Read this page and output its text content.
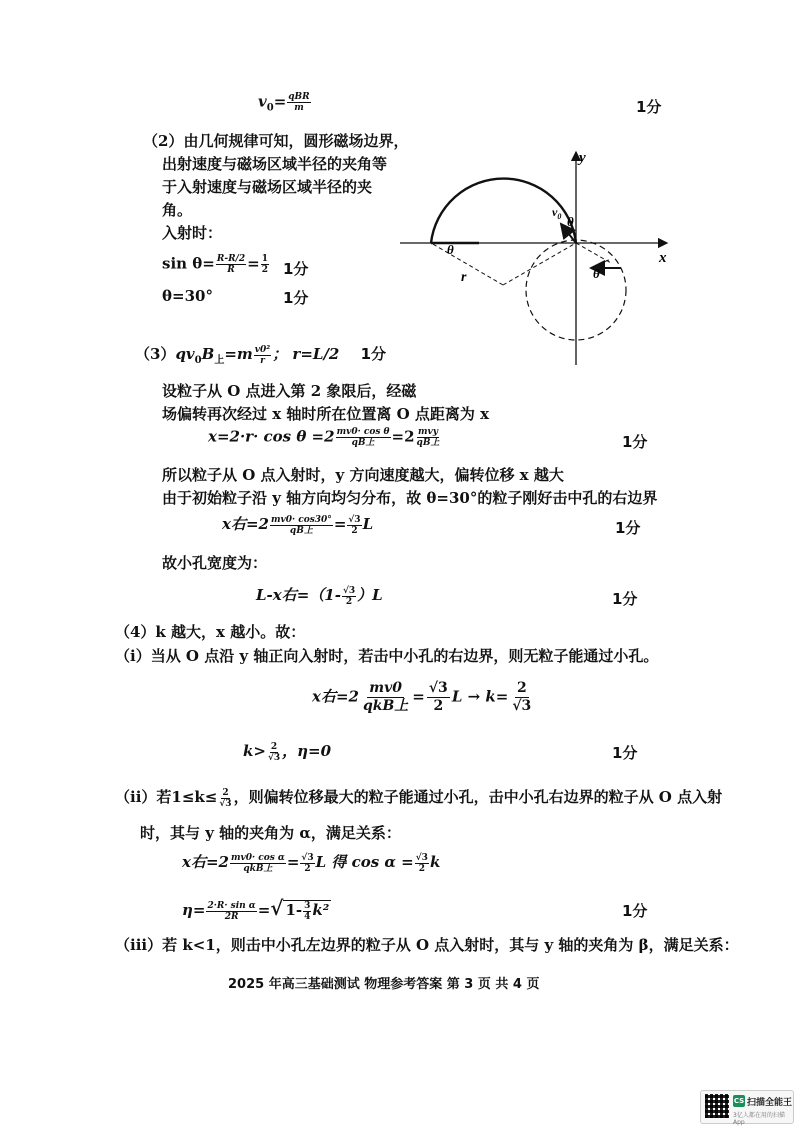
$v_0= \frac{\text{qBR}}{m}$	1分
（2）由几何规律可知，圆形磁场边界，
出射速度与磁场区域半径的夹角等
于入射速度与磁场区域半径的夹
角。
入射时：
$\sin \theta= \frac{R-R/2}{R} = \frac{1}{2} 1$分
θ=30°	1分
y
x
$v_0$ θ
θ
θ
r
$(3)qv_0B_上=m \frac{\text{v0²}}{r}$ ； r=L/2 1分
设粒子从 O 点进入第 2 象限后，经磁
场偏转再次经过 x 轴时所在位置离 O 点距离为 x
$x=2\cdot r\cdot \cos \theta =2 \frac{\text{mv0· cos θ}}{\text{qB上}} =2 \frac{\text{mvy}}{\text{qB上}}$	1分
所以粒子从 O 点入射时，y 方向速度越大，偏转位移 x 越大
由于初始粒子沿 y 轴方向均匀分布，故 θ=30°的粒子刚好击中孔的右边界
x右$=2 \frac{mv0\cdot \cos 30^\circ}{\text{qB上}} = \frac{√3}{2}$ L	1分
故小孔宽度为：
L-x右$=(1- \frac{√3}{2} )L$	1分
（4）k 越大，x 越小。故：
（i）当从 O 点沿 y 轴正向入射时，若击中小孔的右边界，则无粒子能通过小孔。
x右$=2 \frac{mv0}{\text{qkB上}} = \frac{√3}{2}$ $L \to k= \frac{2}{√3}$
$k> \frac{2}{√3}$ ，η=0	1分
（ii）若$1\le k\le \frac{2}{√3}$ ，则偏转位移最大的粒子能通过小孔，击中小孔右边界的粒子从 O 点入射
时，其与 y 轴的夹角为 α，满足关系：
x右$=2 \frac{\text{mv0· cos α}}{\text{qkB上}} = \frac{√3}{2}$ L 得 $\cos \alpha = \frac{√3}{2}$ k
$\eta= \frac{\text{2·R· sin α}}{2R}$ =√ $1- \frac{3}{4} k^2$	1分
（iii）若 k<1，则击中小孔左边界的粒子从 O 点入射时，其与 y 轴的夹角为 β，满足关系：
2025 年高三基础测试 物理参考答案 第 3 页 共 4 页
CS 扫描全能王
3亿人都在用的扫描App
